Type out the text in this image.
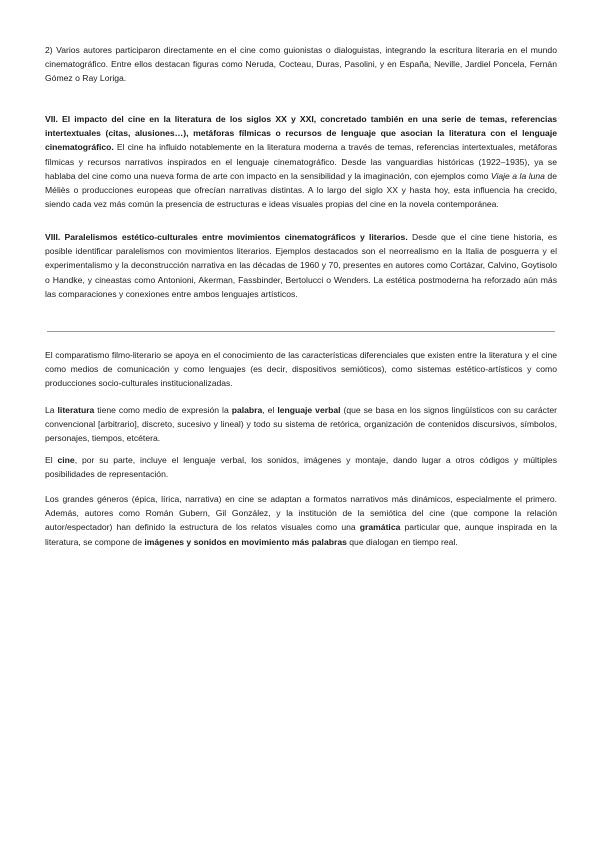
2) Varios autores participaron directamente en el cine como guionistas o dialoguistas, integrando la escritura literaria en el mundo cinematográfico. Entre ellos destacan figuras como Neruda, Cocteau, Duras, Pasolini, y en España, Neville, Jardiel Poncela, Fernán Gómez o Ray Loriga.

VII. El impacto del cine en la literatura de los siglos XX y XXI, concretado también en una serie de temas, referencias intertextuales (citas, alusiones…), metáforas fílmicas o recursos de lenguaje que asocian la literatura con el lenguaje cinematográfico. El cine ha influido notablemente en la literatura moderna a través de temas, referencias intertextuales, metáforas fílmicas y recursos narrativos inspirados en el lenguaje cinematográfico. Desde las vanguardias históricas (1922–1935), ya se hablaba del cine como una nueva forma de arte con impacto en la sensibilidad y la imaginación, con ejemplos como Viaje a la luna de Méliès o producciones europeas que ofrecían narrativas distintas. A lo largo del siglo XX y hasta hoy, esta influencia ha crecido, siendo cada vez más común la presencia de estructuras e ideas visuales propias del cine en la novela contemporánea.

VIII. Paralelismos estético-culturales entre movimientos cinematográficos y literarios. Desde que el cine tiene historia, es posible identificar paralelismos con movimientos literarios. Ejemplos destacados son el neorrealismo en la Italia de posguerra y el experimentalismo y la deconstrucción narrativa en las décadas de 1960 y 70, presentes en autores como Cortázar, Calvino, Goytisolo o Handke, y cineastas como Antonioni, Akerman, Fassbinder, Bertolucci o Wenders. La estética postmoderna ha reforzado aún más las comparaciones y conexiones entre ambos lenguajes artísticos.

El comparatismo filmo-literario se apoya en el conocimiento de las características diferenciales que existen entre la literatura y el cine como medios de comunicación y como lenguajes (es decir, dispositivos semióticos), como sistemas estético-artísticos y como producciones socio-culturales institucionalizadas.

La literatura tiene como medio de expresión la palabra, el lenguaje verbal (que se basa en los signos lingüísticos con su carácter convencional [arbitrario], discreto, sucesivo y lineal) y todo su sistema de retórica, organización de contenidos discursivos, símbolos, personajes, tiempos, etcétera.

El cine, por su parte, incluye el lenguaje verbal, los sonidos, imágenes y montaje, dando lugar a otros códigos y múltiples posibilidades de representación.

Los grandes géneros (épica, lírica, narrativa) en cine se adaptan a formatos narrativos más dinámicos, especialmente el primero. Además, autores como Román Gubern, Gil González, y la institución de la semiótica del cine (que compone la relación autor/espectador) han definido la estructura de los relatos visuales como una gramática particular que, aunque inspirada en la literatura, se compone de imágenes y sonidos en movimiento más palabras que dialogan en tiempo real.
